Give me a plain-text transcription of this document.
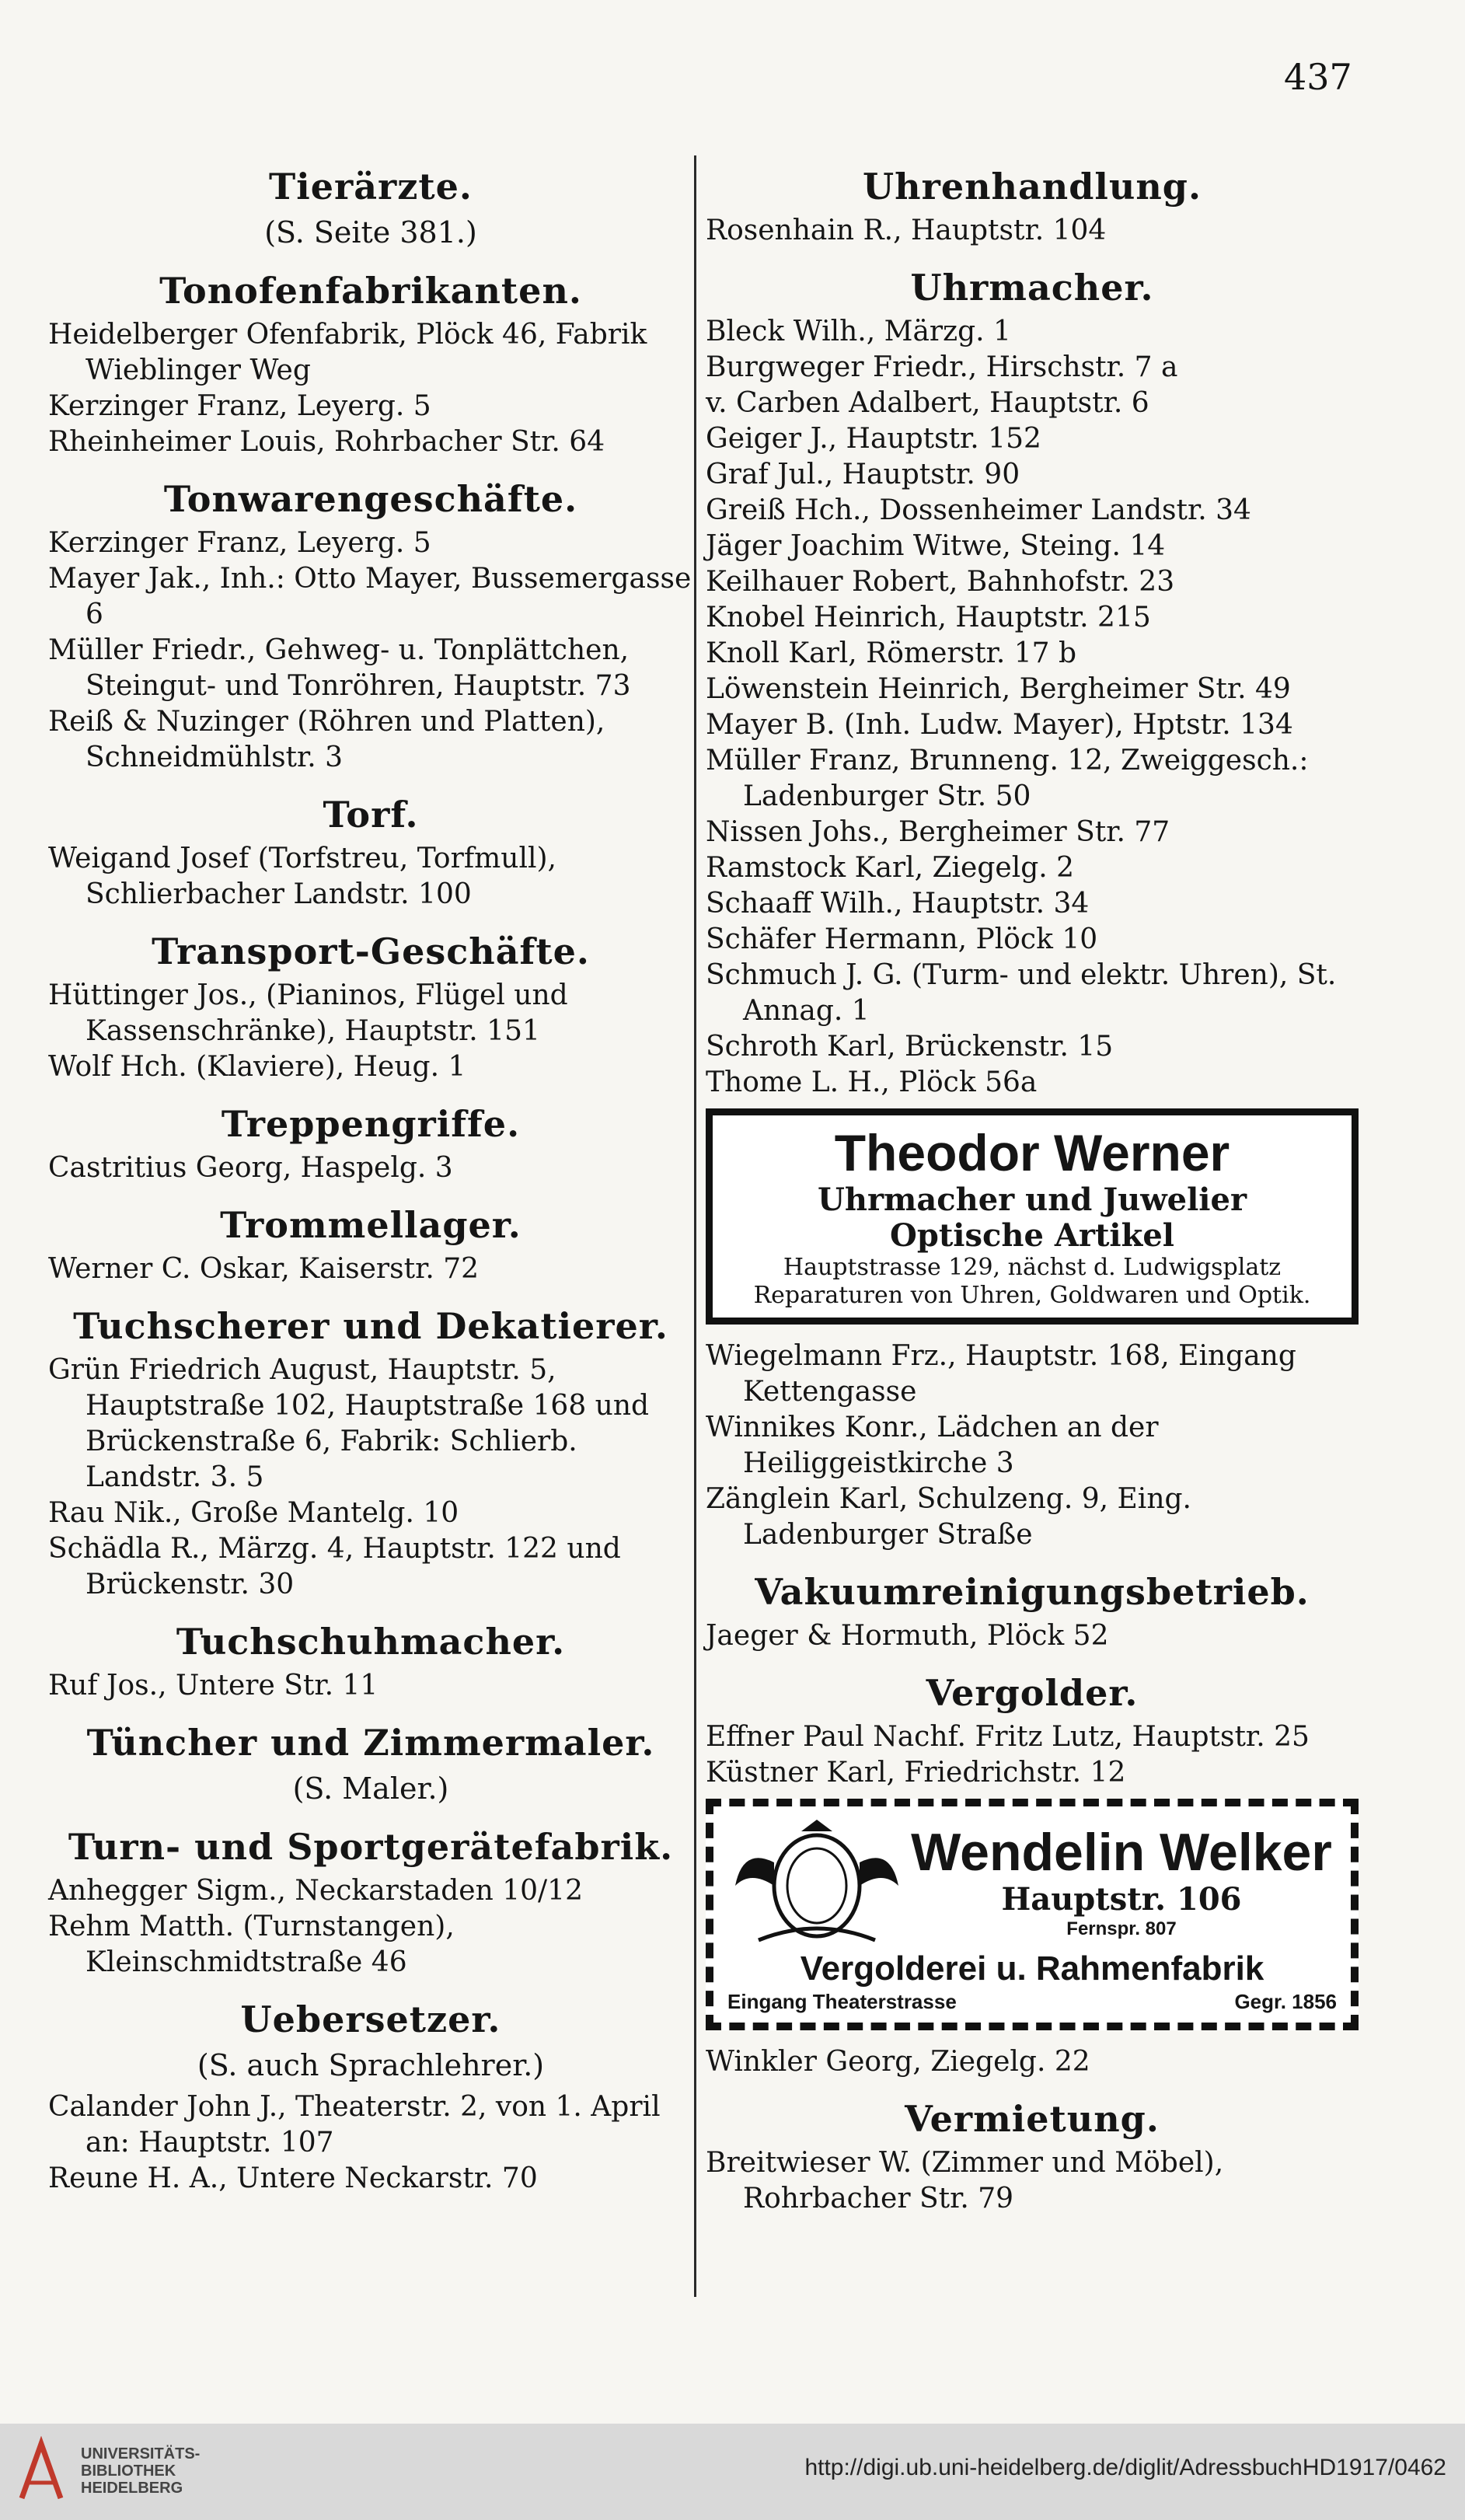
437
Tierärzte.
(S. Seite 381.)
Tonofenfabrikanten.

Heidelberger Ofenfabrik, Plöck 46, Fabrik Wieblinger Weg

Kerzinger Franz, Leyerg. 5

Rheinheimer Louis, Rohrbacher Str. 64

Tonwarengeschäfte.

Kerzinger Franz, Leyerg. 5

Mayer Jak., Inh.: Otto Mayer, Bussemergasse 6

Müller Friedr., Gehweg- u. Tonplättchen, Steingut- und Tonröhren, Hauptstr. 73

Reiß & Nuzinger (Röhren und Platten), Schneidmühlstr. 3

Torf.

Weigand Josef (Torfstreu, Torfmull), Schlierbacher Landstr. 100

Transport-Geschäfte.

Hüttinger Jos., (Pianinos, Flügel und Kassenschränke), Hauptstr. 151

Wolf Hch. (Klaviere), Heug. 1

Treppengriffe.

Castritius Georg, Haspelg. 3

Trommellager.

Werner C. Oskar, Kaiserstr. 72

Tuchscherer und Dekatierer.

Grün Friedrich August, Hauptstr. 5, Hauptstraße 102, Hauptstraße 168 und Brückenstraße 6, Fabrik: Schlierb. Landstr. 3. 5

Rau Nik., Große Mantelg. 10

Schädla R., Märzg. 4, Hauptstr. 122 und Brückenstr. 30

Tuchschuhmacher.

Ruf Jos., Untere Str. 11

Tüncher und Zimmermaler.
(S. Maler.)
Turn- und Sportgerätefabrik.

Anhegger Sigm., Neckarstaden 10/12

Rehm Matth. (Turnstangen), Kleinschmidtstraße 46

Uebersetzer.
(S. auch Sprachlehrer.)

Calander John J., Theaterstr. 2, von 1. April an: Hauptstr. 107

Reune H. A., Untere Neckarstr. 70

Uhrenhandlung.

Rosenhain R., Hauptstr. 104

Uhrmacher.

Bleck Wilh., Märzg. 1

Burgweger Friedr., Hirschstr. 7 a

v. Carben Adalbert, Hauptstr. 6

Geiger J., Hauptstr. 152

Graf Jul., Hauptstr. 90

Greiß Hch., Dossenheimer Landstr. 34

Jäger Joachim Witwe, Steing. 14

Keilhauer Robert, Bahnhofstr. 23

Knobel Heinrich, Hauptstr. 215

Knoll Karl, Römerstr. 17 b

Löwenstein Heinrich, Bergheimer Str. 49

Mayer B. (Inh. Ludw. Mayer), Hptstr. 134

Müller Franz, Brunneng. 12, Zweiggesch.: Ladenburger Str. 50

Nissen Johs., Bergheimer Str. 77

Ramstock Karl, Ziegelg. 2

Schaaff Wilh., Hauptstr. 34

Schäfer Hermann, Plöck 10

Schmuch J. G. (Turm- und elektr. Uhren), St. Annag. 1

Schroth Karl, Brückenstr. 15

Thome L. H., Plöck 56a

Theodor Werner
Uhrmacher und Juwelier
Optische Artikel
Hauptstrasse 129, nächst d. Ludwigsplatz
Reparaturen von Uhren, Goldwaren und Optik.

Wiegelmann Frz., Hauptstr. 168, Eingang Kettengasse

Winnikes Konr., Lädchen an der Heiliggeistkirche 3

Zänglein Karl, Schulzeng. 9, Eing. Ladenburger Straße

Vakuumreinigungsbetrieb.

Jaeger & Hormuth, Plöck 52

Vergolder.

Effner Paul Nachf. Fritz Lutz, Hauptstr. 25

Küstner Karl, Friedrichstr. 12

Wendelin Welker
Hauptstr. 106
Fernspr. 807
Vergolderei u. Rahmenfabrik
Eingang Theaterstrasse	Gegr. 1856

Winkler Georg, Ziegelg. 22

Vermietung.

Breitwieser W. (Zimmer und Möbel), Rohrbacher Str. 79

UNIVERSITÄTS-
BIBLIOTHEK
HEIDELBERG
http://digi.ub.uni-heidelberg.de/diglit/AdressbuchHD1917/0462
